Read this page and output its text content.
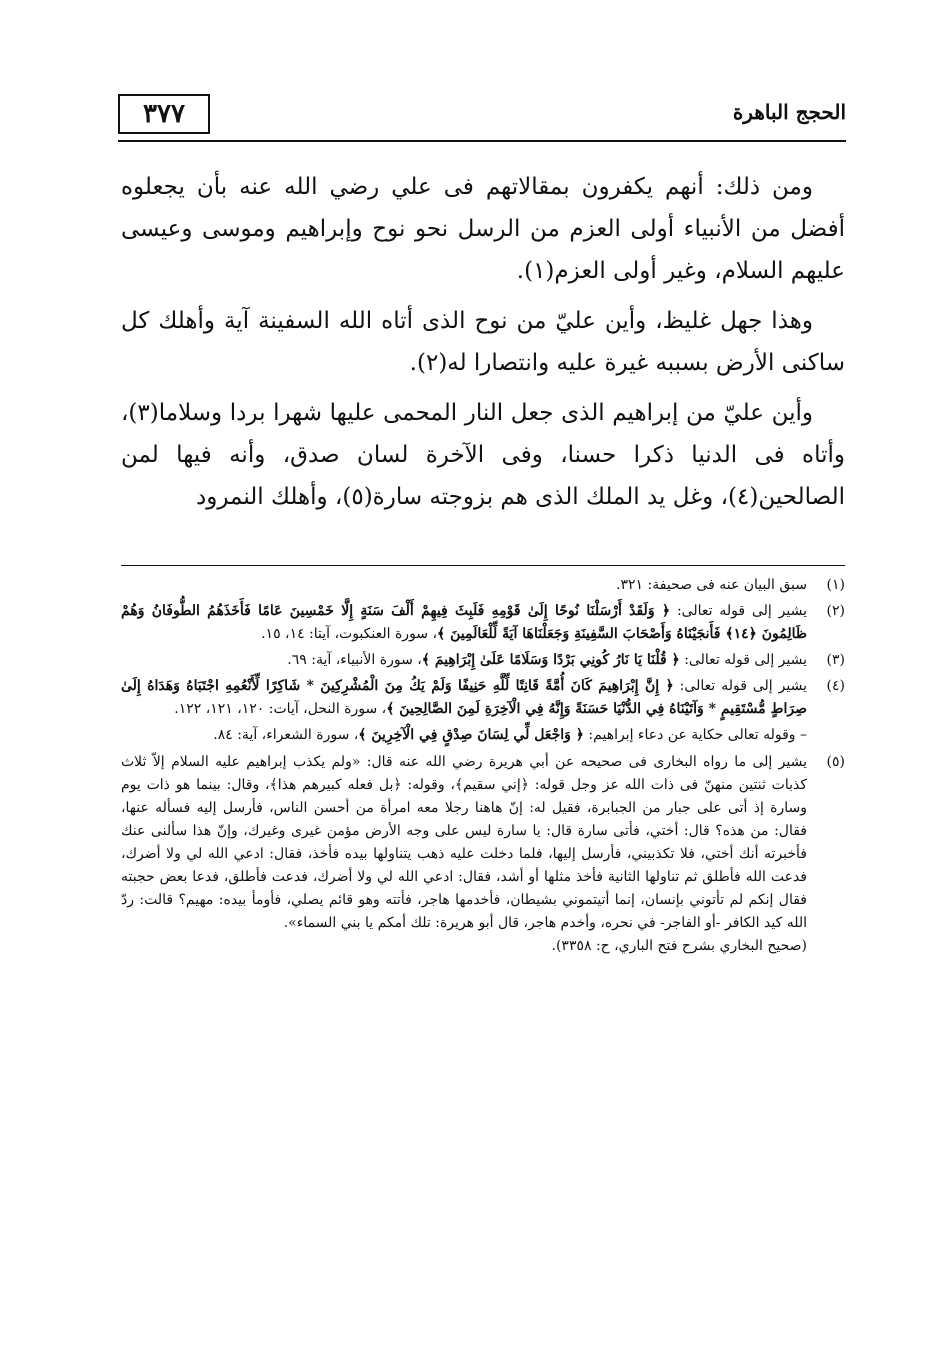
٣٧٧	الحجج الباهرة

ومن ذلك: أنهم يكفرون بمقالاتهم فى علي رضي الله عنه بأن يجعلوه أفضل من الأنبياء أولى العزم من الرسل نحو نوح وإبراهيم وموسى وعيسى عليهم السلام، وغير أولى العزم(١).

وهذا جهل غليظ، وأين عليّ من نوح الذى أتاه الله السفينة آية وأهلك كل ساكنى الأرض بسببه غيرة عليه وانتصارا له(٢).

وأين عليّ من إبراهيم الذى جعل النار المحمى عليها شهرا بردا وسلاما(٣)، وأتاه فى الدنيا ذكرا حسنا، وفى الآخرة لسان صدق، وأنه فيها لمن الصالحين(٤)، وغل يد الملك الذى هم بزوجته سارة(٥)، وأهلك النمرود

(١)
سبق البيان عنه فى صحيفة: ٣٢١.
(٢)
يشير إلى قوله تعالى: ﴿ وَلَقَدْ أَرْسَلْنَا نُوحًا إِلَىٰ قَوْمِهِ فَلَبِثَ فِيهِمْ أَلْفَ سَنَةٍ إِلَّا خَمْسِينَ عَامًا فَأَخَذَهُمُ الطُّوفَانُ وَهُمْ ظَالِمُونَ ﴿١٤﴾ فَأَنجَيْنَاهُ وَأَصْحَابَ السَّفِينَةِ وَجَعَلْنَاهَا آيَةً لِّلْعَالَمِينَ ﴾، سورة العنكبوت، آيتا: ١٤، ١٥.
(٣)
يشير إلى قوله تعالى: ﴿ قُلْنَا يَا نَارُ كُونِي بَرْدًا وَسَلَامًا عَلَىٰ إِبْرَاهِيمَ ﴾، سورة الأنبياء، آية: ٦٩.
(٤)
يشير إلى قوله تعالى: ﴿ إِنَّ إِبْرَاهِيمَ كَانَ أُمَّةً قَانِتًا لِّلَّهِ حَنِيفًا وَلَمْ يَكُ مِنَ الْمُشْرِكِينَ * شَاكِرًا لِّأَنْعُمِهِ اجْتَبَاهُ وَهَدَاهُ إِلَىٰ صِرَاطٍ مُّسْتَقِيمٍ * وَآتَيْنَاهُ فِي الدُّنْيَا حَسَنَةً وَإِنَّهُ فِي الْآخِرَةِ لَمِنَ الصَّالِحِينَ ﴾، سورة النحل، آيات: ١٢٠، ١٢١، ١٢٢.
– وقوله تعالى حكاية عن دعاء إبراهيم: ﴿ وَاجْعَل لِّي لِسَانَ صِدْقٍ فِي الْآخِرِينَ ﴾، سورة الشعراء، آية: ٨٤.
(٥)
يشير إلى ما رواه البخارى فى صحيحه عن أبي هريرة رضي الله عنه قال: «ولم يكذب إبراهيم عليه السلام إلاّ ثلاث كذبات ثنتين منهنّ فى ذات الله عز وجل قوله: ﴿إني سقيم﴾، وقوله: ﴿بل فعله كبيرهم هذا﴾، وقال: بينما هو ذات يوم وسارة إذ أتى على جبار من الجبابرة، فقيل له: إنّ هاهنا رجلا معه امرأة من أحسن الناس، فأرسل إليه فسأله عنها، فقال: من هذه؟ قال: أختي، فأتى سارة قال: يا سارة ليس على وجه الأرض مؤمن غيرى وغيرك، وإنّ هذا سألنى عنك فأخبرته أنك أختي، فلا تكذبيني، فأرسل إليها، فلما دخلت عليه ذهب يتناولها بيده فأخذ، فقال: ادعي الله لي ولا أضرك، فدعت الله فأطلق ثم تناولها الثانية فأخذ مثلها أو أشد، فقال: ادعي الله لي ولا أضرك، فدعت فأطلق، فدعا بعض حجبته فقال إنكم لم تأتوني بإنسان، إنما أتيتموني بشيطان، فأخدمها هاجر، فأتته وهو قائم يصلي، فأومأ بيده: مهيم؟ قالت: ردّ الله كيد الكافر -أو الفاجر- في نحره، وأخدم هاجر، قال أبو هريرة: تلك أمكم يا بني السماء».
(صحيح البخاري بشرح فتح الباري، ح: ٣٣٥٨).
